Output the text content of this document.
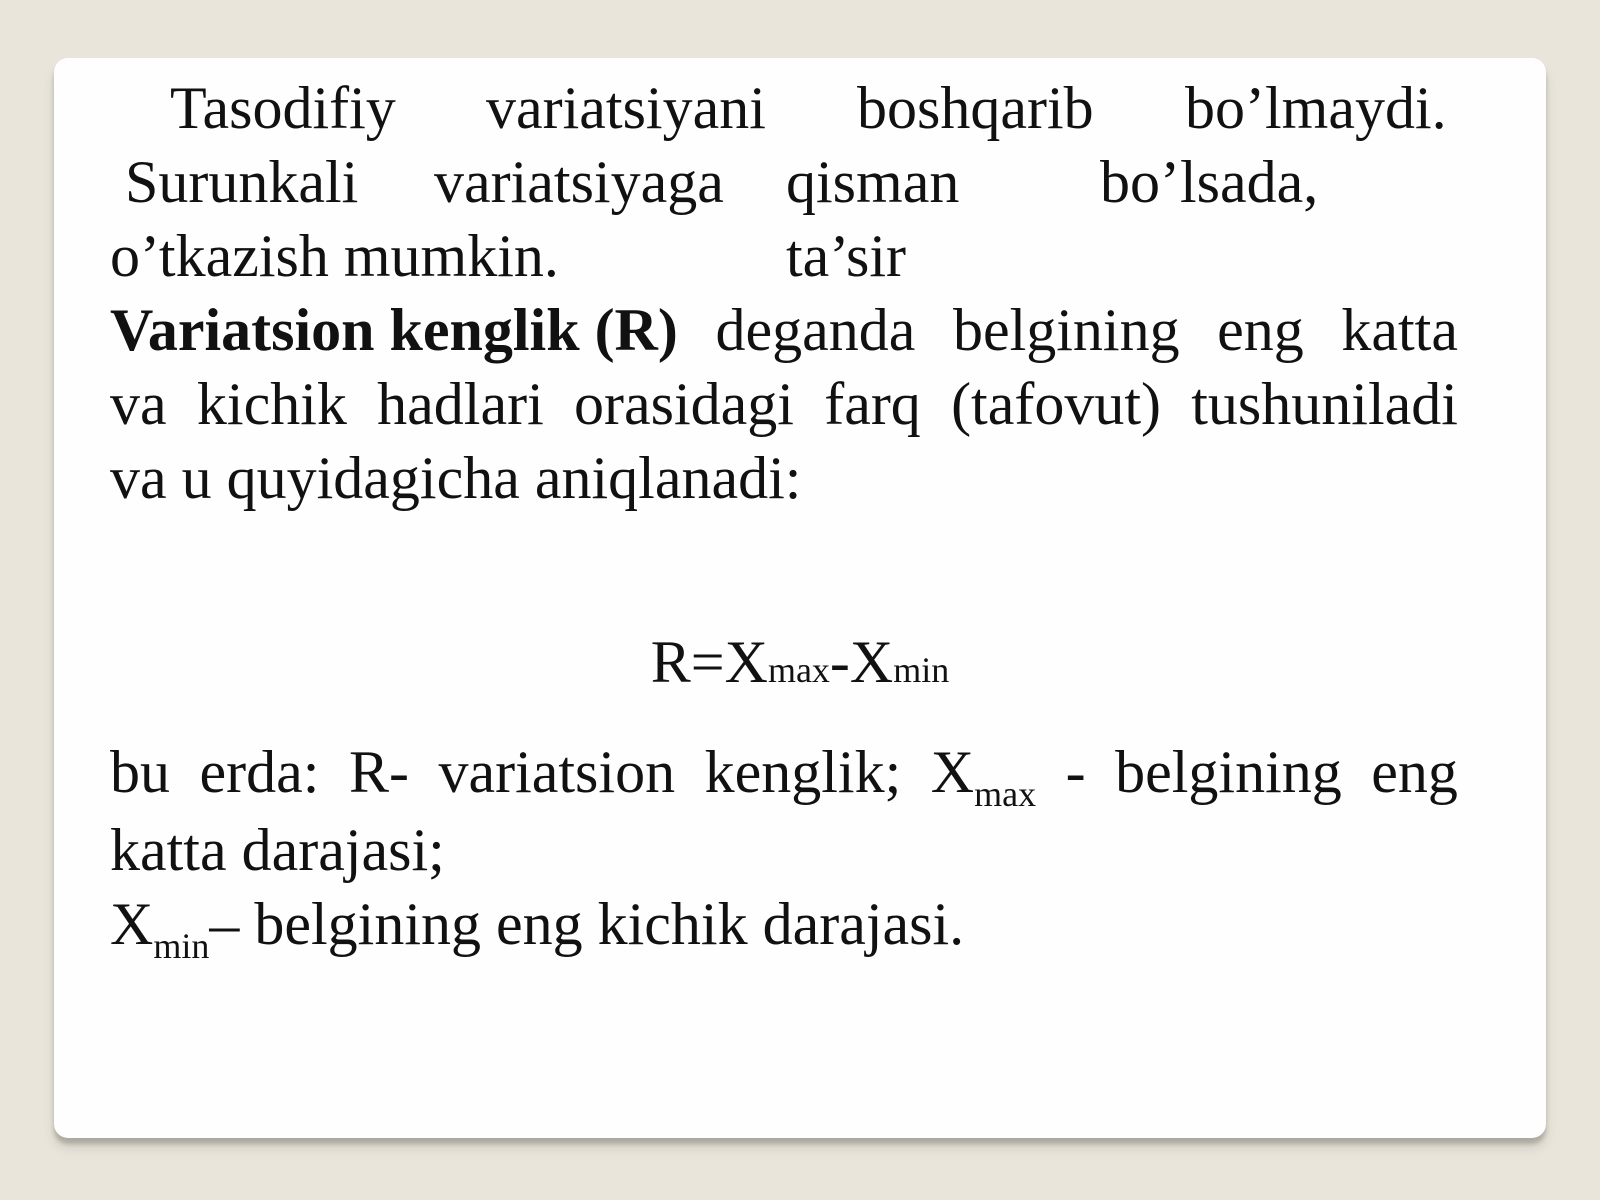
Tasodifiy variatsiyani boshqarib bo’lmaydi.
Surunkali variatsiyaga qisman bo’lsada,
o’tkazish mumkin.	ta’sir
Variatsion kenglik (R) deganda belgining eng katta
va kichik hadlari orasidagi farq (tafovut) tushuniladi
va u quyidagicha aniqlanadi:
R=Xmax-Xmin
bu erda: R- variatsion kenglik; $X_{max}$ - belgining eng
katta darajasi;
$X_{min}-$ belgining eng kichik darajasi.
